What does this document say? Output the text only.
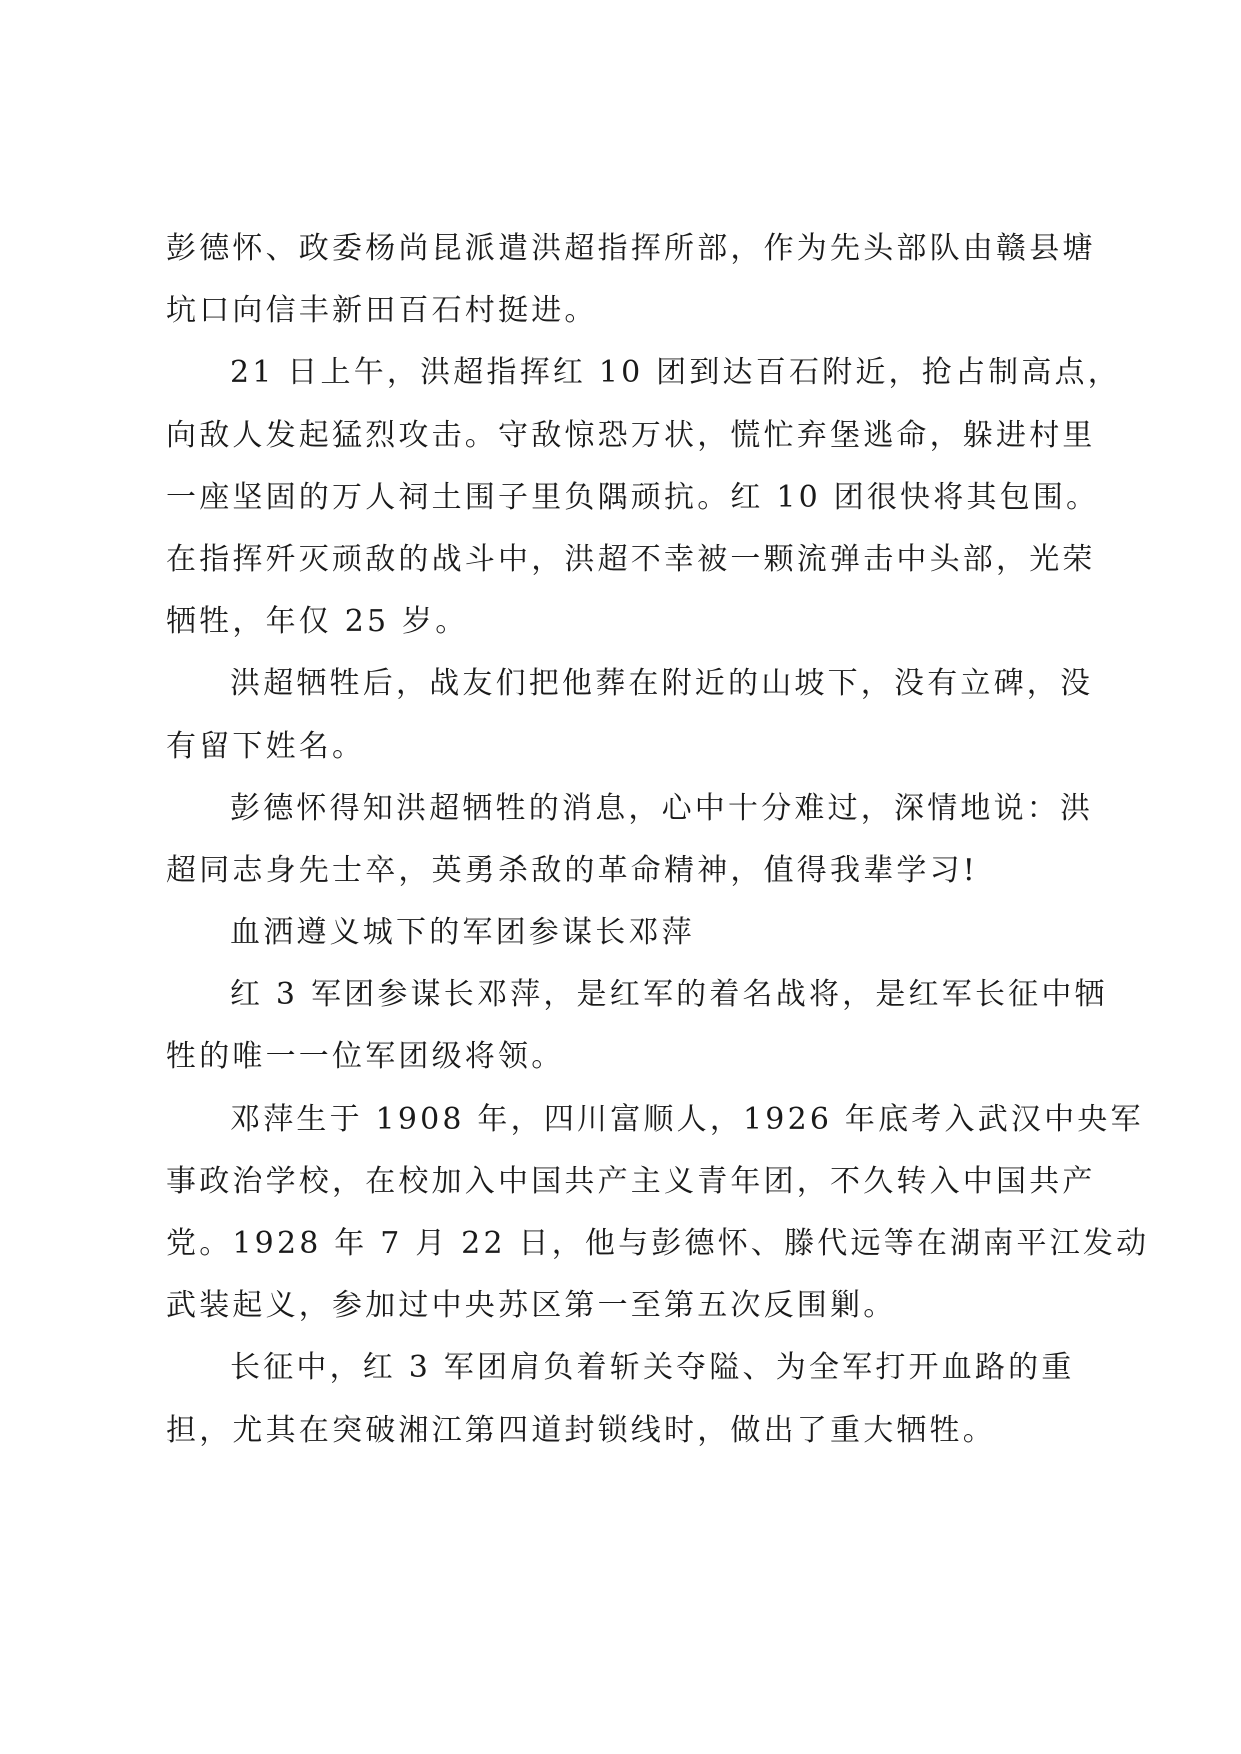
彭德怀、政委杨尚昆派遣洪超指挥所部，作为先头部队由赣县塘
坑口向信丰新田百石村挺进。
21 日上午，洪超指挥红 10 团到达百石附近，抢占制高点，
向敌人发起猛烈攻击。守敌惊恐万状，慌忙弃堡逃命，躲进村里
一座坚固的万人祠土围子里负隅顽抗。红 10 团很快将其包围。
在指挥歼灭顽敌的战斗中，洪超不幸被一颗流弹击中头部，光荣
牺牲，年仅 25 岁。
洪超牺牲后，战友们把他葬在附近的山坡下，没有立碑，没
有留下姓名。
彭德怀得知洪超牺牲的消息，心中十分难过，深情地说：洪
超同志身先士卒，英勇杀敌的革命精神，值得我辈学习!
血洒遵义城下的军团参谋长邓萍
红 3 军团参谋长邓萍，是红军的着名战将，是红军长征中牺
牲的唯一一位军团级将领。
邓萍生于 1908 年，四川富顺人，1926 年底考入武汉中央军
事政治学校，在校加入中国共产主义青年团，不久转入中国共产
党。1928 年 7 月 22 日，他与彭德怀、滕代远等在湖南平江发动
武装起义，参加过中央苏区第一至第五次反围剿。
长征中，红 3 军团肩负着斩关夺隘、为全军打开血路的重
担，尤其在突破湘江第四道封锁线时，做出了重大牺牲。
